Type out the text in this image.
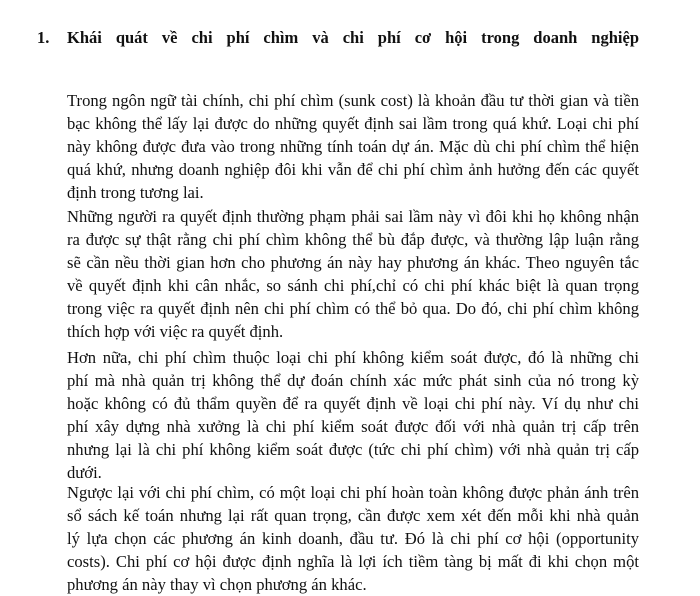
1.	Khái quát về chi phí chìm và chi phí cơ hội trong doanh nghiệp

Trong ngôn ngữ tài chính, chi phí chìm (sunk cost) là khoản đầu tư thời gian và tiền
bạc không thể lấy lại được do những quyết định sai lầm trong quá khứ. Loại chi phí
này không được đưa vào trong những tính toán dự án. Mặc dù chi phí chìm thể hiện
quá khứ, nhưng doanh nghiệp đôi khi vẫn để chi phí chìm ảnh hưởng đến các quyết
định trong tương lai.

Những người ra quyết định thường phạm phải sai lầm này vì đôi khi họ không nhận
ra được sự thật rằng chi phí chìm không thể bù đắp được, và thường lập luận rằng
sẽ cần nều thời gian hơn cho phương án này hay phương án khác. Theo nguyên tắc
về quyết định khi cân nhắc, so sánh chi phí,chỉ có chi phí khác biệt là quan trọng
trong việc ra quyết định nên chi phí chìm có thể bỏ qua. Do đó, chi phí chìm không
thích hợp với việc ra quyết định.

Hơn nữa, chi phí chìm thuộc loại chi phí không kiểm soát được, đó là những chi
phí mà nhà quản trị không thể dự đoán chính xác mức phát sinh của nó trong kỳ
hoặc không có đủ thẩm quyền để ra quyết định về loại chi phí này. Ví dụ như chi
phí xây dựng nhà xưởng là chi phí kiểm soát được đối với nhà quản trị cấp trên
nhưng lại là chi phí không kiểm soát được (tức chi phí chìm) với nhà quản trị cấp
dưới.

Ngược lại với chi phí chìm, có một loại chi phí hoàn toàn không được phản ánh trên
sổ sách kế toán nhưng lại rất quan trọng, cần được xem xét đến mỗi khi nhà quản
lý lựa chọn các phương án kinh doanh, đầu tư. Đó là chi phí cơ hội (opportunity
costs). Chi phí cơ hội được định nghĩa là lợi ích tiềm tàng bị mất đi khi chọn một
phương án này thay vì chọn phương án khác.
